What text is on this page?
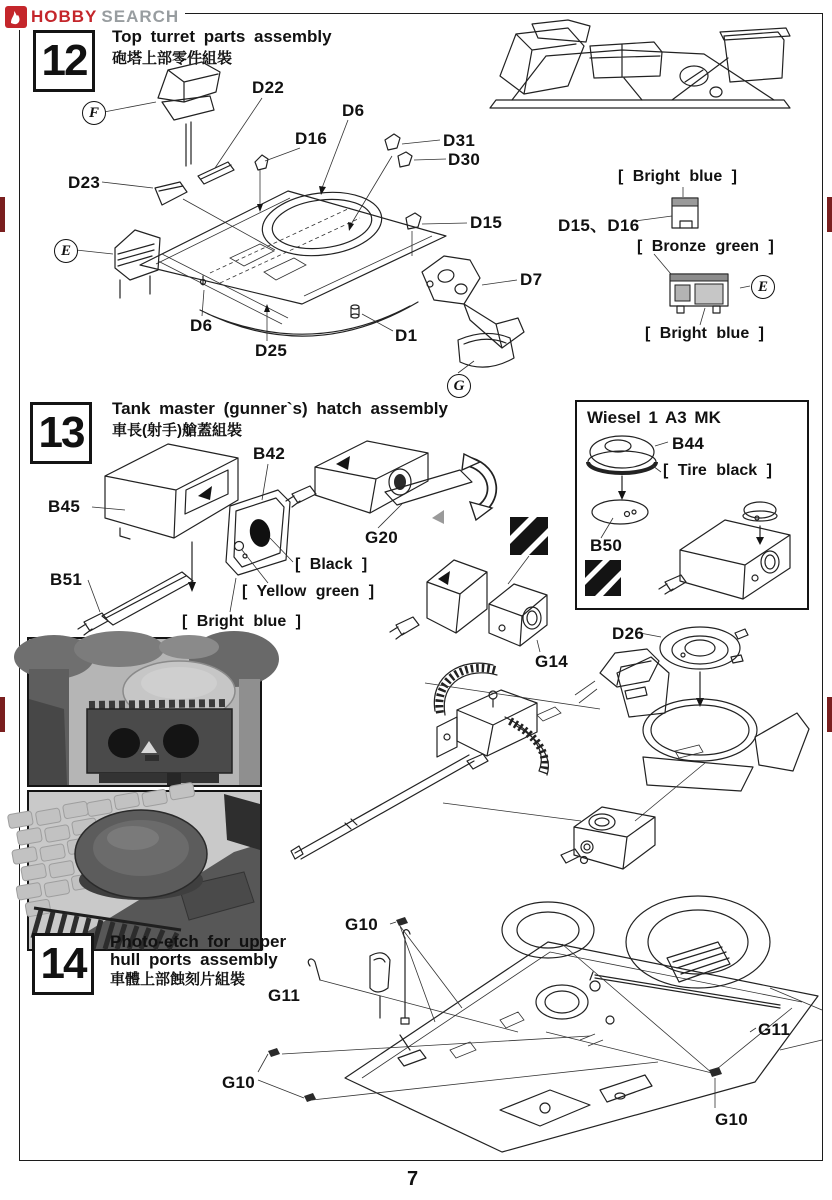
HOBBY SEARCH
12 Top turret parts assembly
砲塔上部零件組裝
D22
D6
D16	D31
D30
D23
D15
D7
D6
D25
D1
F
E
G
[ Bright blue ]
D15、D16
[ Bronze green ]
E
[ Bright blue ]
13 Tank master (gunner`s) hatch assembly
車長(射手)艙蓋組裝
B42
B45
B51
G20
[ Black ]
[ Yellow green ]
[ Bright blue ]
G14
Wiesel 1 A3 MK
B44
[ Tire black ]
B50
D26
14 Photo-etch for upper
hull ports assembly
車體上部蝕刻片組裝
G10
G11
G11
G10
G10
7
